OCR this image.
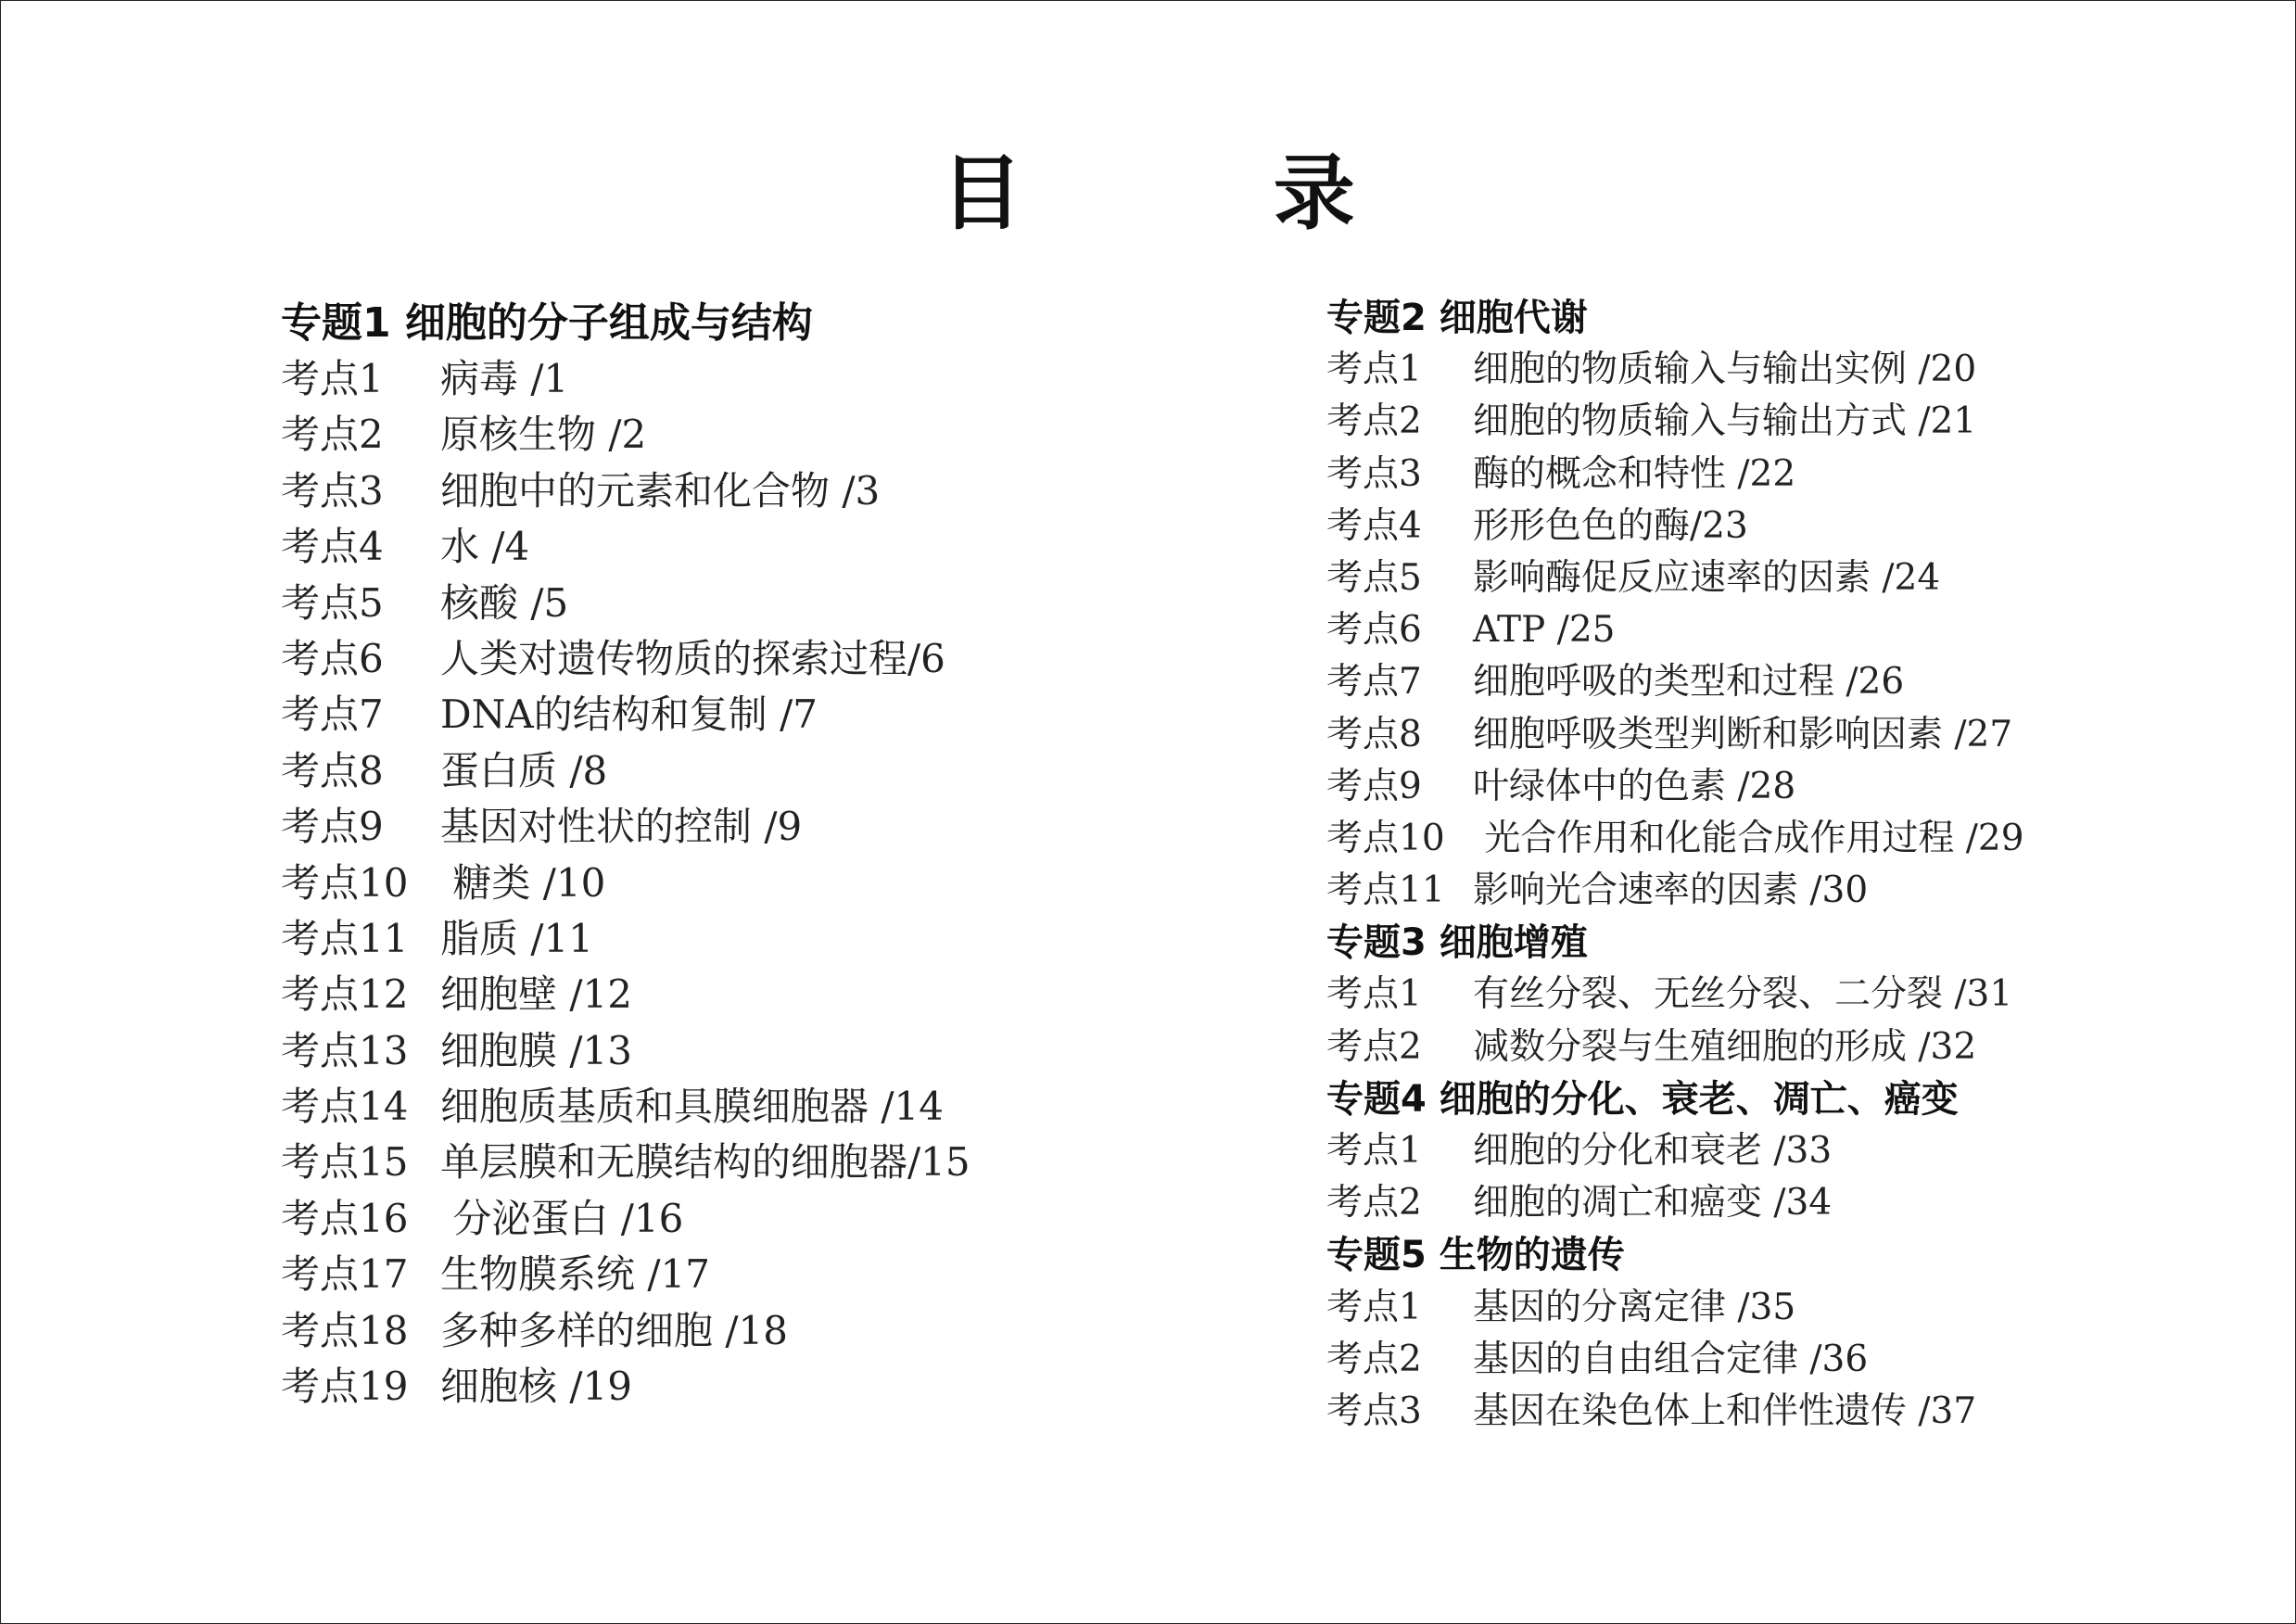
目 录
专题1 细胞的分子组成与结构
考点1 病毒 /1
考点2 原核生物 /2
考点3 细胞中的元素和化合物 /3
考点4 水 /4
考点5 核酸 /5
考点6 人类对遗传物质的探索过程/6
考点7 DNA的结构和复制 /7
考点8 蛋白质 /8
考点9 基因对性状的控制 /9
考点10 糖类 /10
考点11 脂质 /11
考点12 细胞壁 /12
考点13 细胞膜 /13
考点14 细胞质基质和具膜细胞器 /14
考点15 单层膜和无膜结构的细胞器/15
考点16 分泌蛋白 /16
考点17 生物膜系统 /17
考点18 多种多样的细胞 /18
考点19 细胞核 /19
专题2 细胞代谢
考点1 细胞的物质输入与输出实例 /20
考点2 细胞的物质输入与输出方式 /21
考点3 酶的概念和特性 /22
考点4 形形色色的酶/23
考点5 影响酶促反应速率的因素 /24
考点6 ATP /25
考点7 细胞呼吸的类型和过程 /26
考点8 细胞呼吸类型判断和影响因素 /27
考点9 叶绿体中的色素 /28
考点10 光合作用和化能合成作用过程 /29
考点11 影响光合速率的因素 /30
专题3 细胞增殖
考点1 有丝分裂、无丝分裂、二分裂 /31
考点2 减数分裂与生殖细胞的形成 /32
专题4 细胞的分化、衰老、凋亡、癌变
考点1 细胞的分化和衰老 /33
考点2 细胞的凋亡和癌变 /34
专题5 生物的遗传
考点1 基因的分离定律 /35
考点2 基因的自由组合定律 /36
考点3 基因在染色体上和伴性遗传 /37
